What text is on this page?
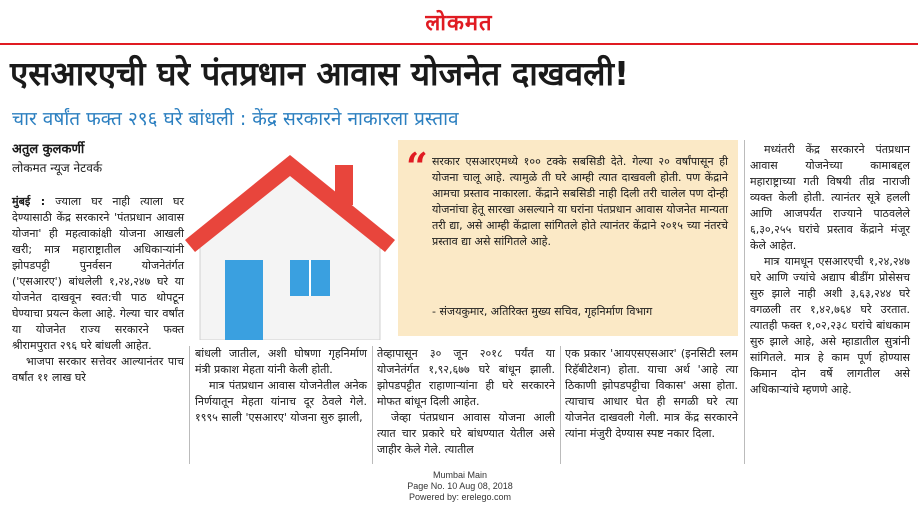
लोकमत
एसआरएची घरे पंतप्रधान आवास योजनेत दाखवली!
चार वर्षांत फक्त २९६ घरे बांधली : केंद्र सरकारने नाकारला प्रस्ताव
अतुल कुलकर्णी
लोकमत न्यूज नेटवर्क	“ सरकार एसआरएमध्ये १०० टक्के सबसिडी देते. गेल्या २० वर्षांपासून ही योजना चालू आहे. त्यामुळे ती घरे आम्ही त्यात दाखवली होती. पण केंद्राने आमचा प्रस्ताव नाकारला. केंद्राने सबसिडी नाही दिली तरी चालेल पण दोन्ही योजनांचा हेतू सारखा असल्याने या घरांना पंतप्रधान आवास योजनेत मान्यता तरी द्या, असे आम्ही केंद्राला सांगितले होते त्यानंतर केंद्राने २०१५ च्या नंतरचे प्रस्ताव द्या असे सांगितले आहे.
- संजयकुमार, अतिरिक्त मुख्य सचिव, गृहनिर्माण विभाग

मुंबई : ज्याला घर नाही त्याला घर देण्यासाठी केंद्र सरकारने 'पंतप्रधान आवास योजना' ही महत्वाकांक्षी योजना आखली खरी; मात्र महाराष्ट्रातील अधिकाऱ्यांनी झोपडपट्टी पुनर्वसन योजनेतंर्गत ('एसआरए') बांधलेली १,२४,२४७ घरे या योजनेत दाखवून स्वत:ची पाठ थोपटून घेण्याचा प्रयत्न केला आहे. गेल्या चार वर्षांत या योजनेत राज्य सरकारने फक्त श्रीरामपुरात २९६ घरे बांधली आहेत.

भाजपा सरकार सत्तेवर आल्यानंतर पाच वर्षांत ११ लाख घरे

बांधली जातील, अशी घोषणा गृहनिर्माण मंत्री प्रकाश मेहता यांनी केली होती.

मात्र पंतप्रधान आवास योजनेतील अनेक निर्णयातून मेहता यांनाच दूर ठेवले गेले. १९९५ साली 'एसआरए' योजना सुरु झाली,

तेव्हापासून ३० जून २०१८ पर्यंत या योजनेतंर्गत १,९२,६७७ घरे बांधून झाली. झोपडपट्टीत राहाणाऱ्यांना ही घरे सरकारने मोफत बांधून दिली आहेत.

जेव्हा पंतप्रधान आवास योजना आली त्यात चार प्रकारे घरे बांधण्यात येतील असे जाहीर केले गेले. त्यातील

एक प्रकार 'आयएसएसआर' (इनसिटी स्लम रिहॅबीटेशन) होता. याचा अर्थ 'आहे त्या ठिकाणी झोपडपट्टीचा विकास' असा होता. त्याचाच आधार घेत ही सगळी घरे त्या योजनेत दाखवली गेली. मात्र केंद्र सरकारने त्यांना मंजुरी देण्यास स्पष्ट नकार दिला.

मध्यंतरी केंद्र सरकारने पंतप्रधान आवास योजनेच्या कामाबद्दल महाराष्ट्राच्या गती विषयी तीव्र नाराजी व्यक्त केली होती. त्यानंतर सूत्रे हलली आणि आजपर्यंत राज्याने पाठवलेले ६,३०,२५५ घरांचे प्रस्ताव केंद्राने मंजूर केले आहेत.

मात्र यामधून एसआरएची १,२४,२४७ घरे आणि ज्यांचे अद्याप बीडींग प्रोसेसच सुरु झाले नाही अशी ३,६३,२४४ घरे वगळली तर १,४२,७६४ घरे उरतात. त्यातही फक्त १,०२,२३८ घरांचे बांधकाम सुरु झाले आहे, असे म्हाडातील सुत्रांनी सांगितले. मात्र हे काम पूर्ण होण्यास किमान दोन वर्षे लागतील असे अधिकाऱ्यांचे म्हणणे आहे.

Mumbai Main
Page No. 10 Aug 08, 2018
Powered by: erelego.com
